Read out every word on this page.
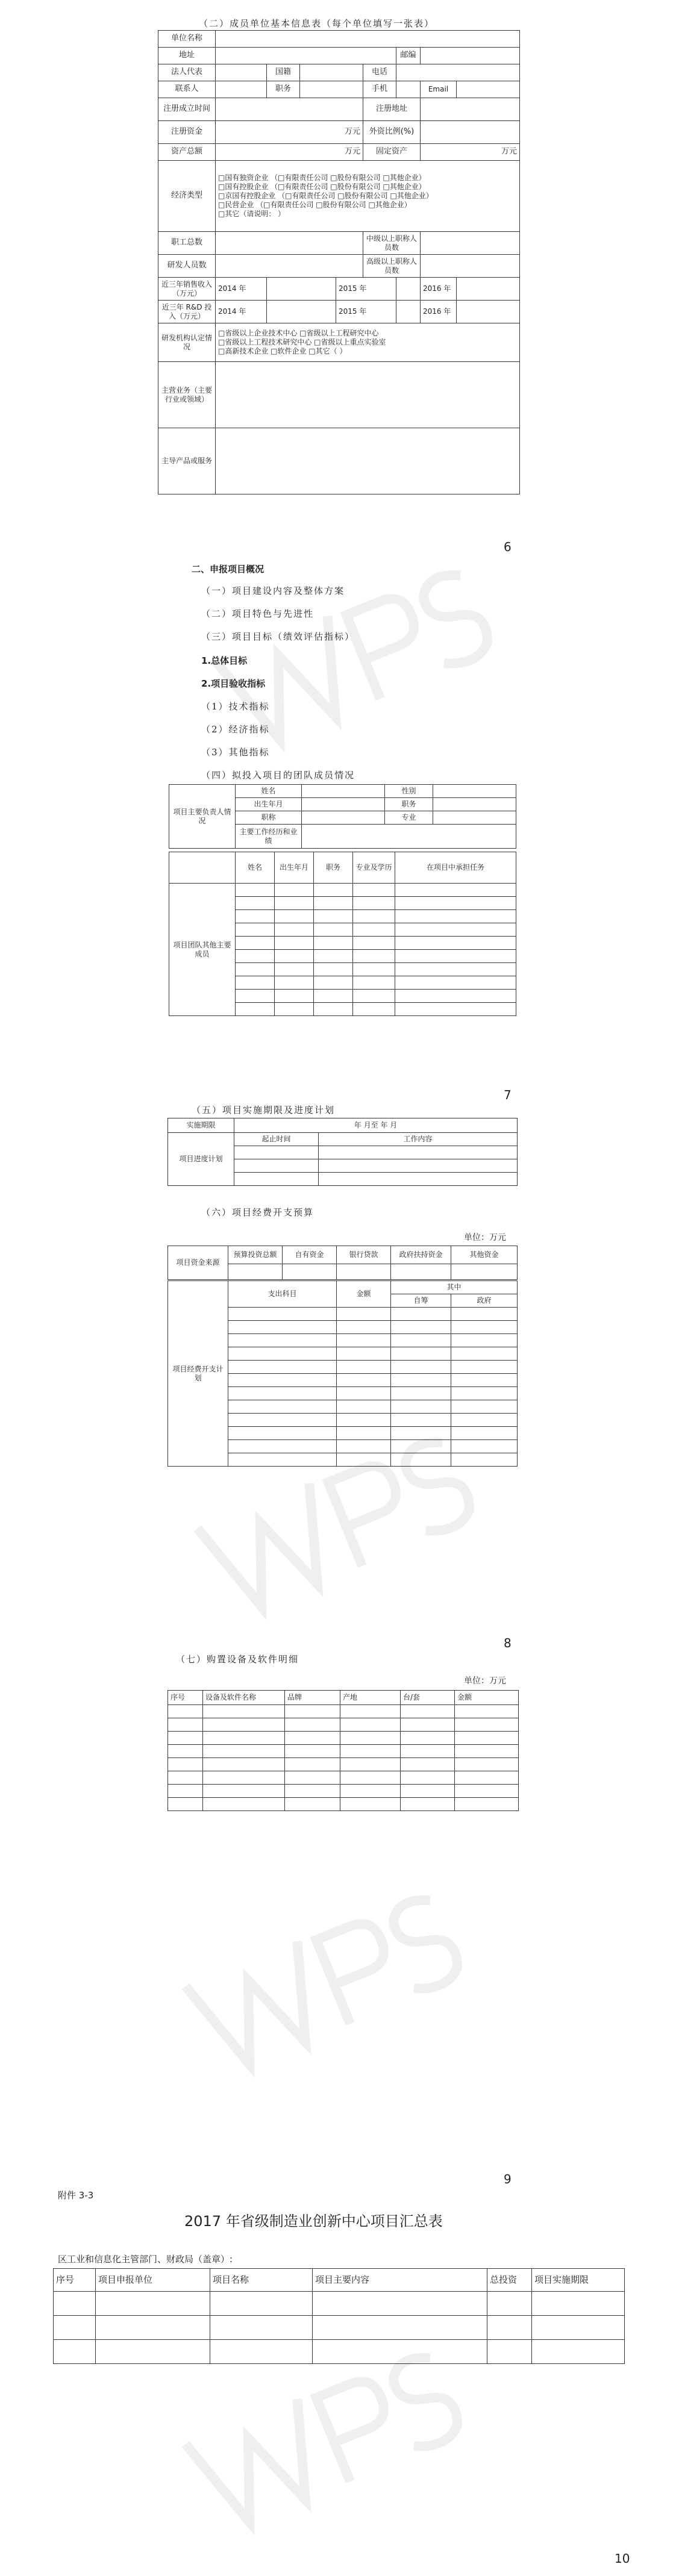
（二）成员单位基本信息表（每个单位填写一张表）
单位名称								
地址						邮编		
法人代表		国籍			电话			
联系人		职务			手机		Email	
注册成立时间					注册地址			
注册资金	万元				外资比例(%)			
资产总额	万元				固定资产		万元	
经济类型	□国有独资企业 （□有限责任公司 □股份有限公司 □其他企业）
□国有控股企业 （□有限责任公司 □股份有限公司 □其他企业）
□京国有控股企业 （□有限责任公司 □股份有限公司 □其他企业）
□民营企业 （□有限责任公司 □股份有限公司 □其他企业）
□其它（请说明： ）							

职工总数					中级以上职称人员数			
研发人员数					高级以上职称人员数			
近三年销售收入（万元）	2014 年			2015 年			2016 年	
近三年 R&D 投入（万元）	2014 年			2015 年			2016 年	
研发机构认定情况	□省级以上企业技术中心 □省级以上工程研究中心
□省级以上工程技术研究中心 □省级以上重点实验室
□高新技术企业 □软件企业 □其它（ ）							

主营业务（主要行业或领域）								
主导产品或服务								
6
二、申报项目概况
（一）项目建设内容及整体方案
（二）项目特色与先进性
（三）项目目标（绩效评估指标）
1.总体目标
2.项目验收指标
（1）技术指标
（2）经济指标
（3）其他指标
（四）拟投入项目的团队成员情况
项目主要负责人情况	姓名		性别	
	出生年月		职务	
	职称		专业	
	主要工作经历和业绩			
	姓名	出生年月	职务	专业及学历	在项目中承担任务
项目团队其他主要成员					

7
（五）项目实施期限及进度计划
实施期限	年 月至 年 月	
项目进度计划	起止时间	工作内容

（六）项目经费开支预算
单位：万元
项目资金来源	预算投资总额	自有资金	银行贷款	政府扶持资金	其他资金

项目经费开支计划	支出科目	金额	其中	
			自筹	政府

8
（七）购置设备及软件明细
单位：万元
序号	设备及软件名称	品牌	产地	台/套	金额

9
附件 3-3
2017 年省级制造业创新中心项目汇总表
区工业和信息化主管部门、财政局（盖章）:
序号	项目申报单位	项目名称	项目主要内容	总投资	项目实施期限

10
